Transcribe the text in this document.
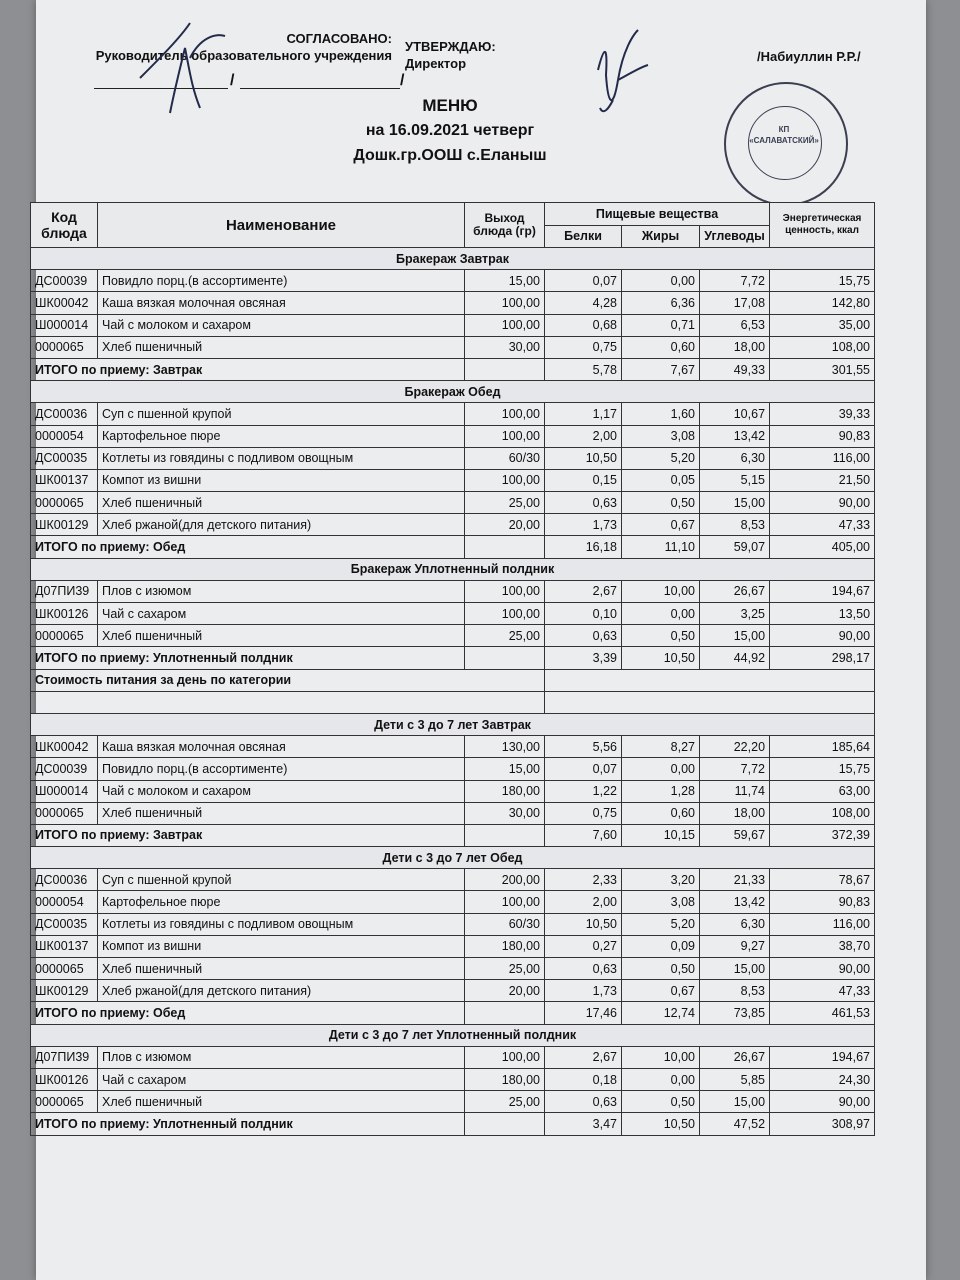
СОГЛАСОВАНО:
Руководитель образовательного учреждения
/	/
УТВЕРЖДАЮ:
Директор	/Набиуллин Р.Р./
МЕНЮ
на 16.09.2021 четверг
Дошк.гр.ООШ с.Еланыш
КП «САЛАВАТСКИЙ»
Код блюда	Наименование	Выход блюда (гр)	Пищевые вещества			Энергетическая ценность, ккал
			Белки	Жиры	Углеводы	
Бракераж Завтрак						
ДС00039	Повидло порц.(в ассортименте)	15,00	0,07	0,00	7,72	15,75
ШК00042	Каша вязкая молочная овсяная	100,00	4,28	6,36	17,08	142,80
Ш000014	Чай с молоком и сахаром	100,00	0,68	0,71	6,53	35,00
0000065	Хлеб пшеничный	30,00	0,75	0,60	18,00	108,00
ИТОГО по приему: Завтрак			5,78	7,67	49,33	301,55
Бракераж Обед						
ДС00036	Суп с пшенной крупой	100,00	1,17	1,60	10,67	39,33
0000054	Картофельное пюре	100,00	2,00	3,08	13,42	90,83
ДС00035	Котлеты из говядины с подливом овощным	60/30	10,50	5,20	6,30	116,00
ШК00137	Компот из вишни	100,00	0,15	0,05	5,15	21,50
0000065	Хлеб пшеничный	25,00	0,63	0,50	15,00	90,00
ШК00129	Хлеб ржаной(для детского питания)	20,00	1,73	0,67	8,53	47,33
ИТОГО по приему: Обед			16,18	11,10	59,07	405,00
Бракераж Уплотненный полдник						
Д07ПИ39	Плов с изюмом	100,00	2,67	10,00	26,67	194,67
ШК00126	Чай с сахаром	100,00	0,10	0,00	3,25	13,50
0000065	Хлеб пшеничный	25,00	0,63	0,50	15,00	90,00
ИТОГО по приему: Уплотненный полдник			3,39	10,50	44,92	298,17
Стоимость питания за день по категории						

Дети с 3 до 7 лет Завтрак						
ШК00042	Каша вязкая молочная овсяная	130,00	5,56	8,27	22,20	185,64
ДС00039	Повидло порц.(в ассортименте)	15,00	0,07	0,00	7,72	15,75
Ш000014	Чай с молоком и сахаром	180,00	1,22	1,28	11,74	63,00
0000065	Хлеб пшеничный	30,00	0,75	0,60	18,00	108,00
ИТОГО по приему: Завтрак			7,60	10,15	59,67	372,39
Дети с 3 до 7 лет Обед						
ДС00036	Суп с пшенной крупой	200,00	2,33	3,20	21,33	78,67
0000054	Картофельное пюре	100,00	2,00	3,08	13,42	90,83
ДС00035	Котлеты из говядины с подливом овощным	60/30	10,50	5,20	6,30	116,00
ШК00137	Компот из вишни	180,00	0,27	0,09	9,27	38,70
0000065	Хлеб пшеничный	25,00	0,63	0,50	15,00	90,00
ШК00129	Хлеб ржаной(для детского питания)	20,00	1,73	0,67	8,53	47,33
ИТОГО по приему: Обед			17,46	12,74	73,85	461,53
Дети с 3 до 7 лет Уплотненный полдник						
Д07ПИ39	Плов с изюмом	100,00	2,67	10,00	26,67	194,67
ШК00126	Чай с сахаром	180,00	0,18	0,00	5,85	24,30
0000065	Хлеб пшеничный	25,00	0,63	0,50	15,00	90,00
ИТОГО по приему: Уплотненный полдник			3,47	10,50	47,52	308,97
